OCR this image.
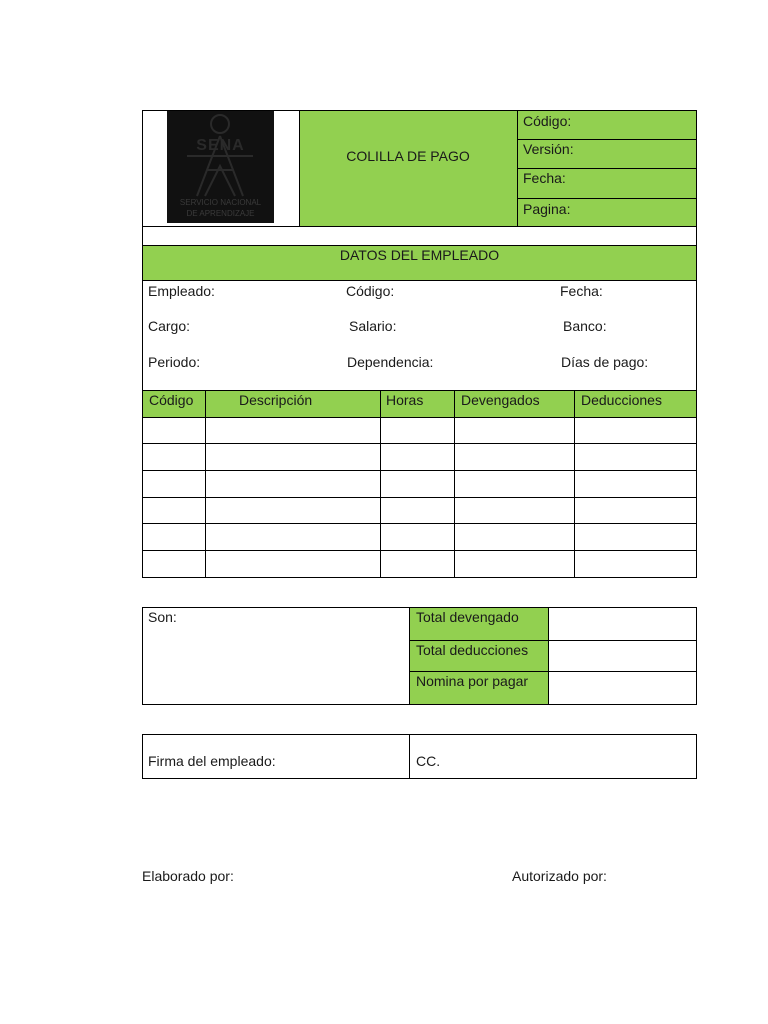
SENA
SERVICIO NACIONAL
DE APRENDIZAJE
COLILLA DE PAGO
Código:
Versión:
Fecha:
Pagina:
DATOS DEL EMPLEADO
Empleado:	Código:	Fecha:
Cargo:	Salario:	Banco:
Periodo:	Dependencia:	Días de pago:
Código	Descripción	Horas	Devengados	Deducciones
Son:	Total devengado
Total deducciones
Nomina por pagar
Firma del empleado:	CC.
Elaborado por:	Autorizado por:
